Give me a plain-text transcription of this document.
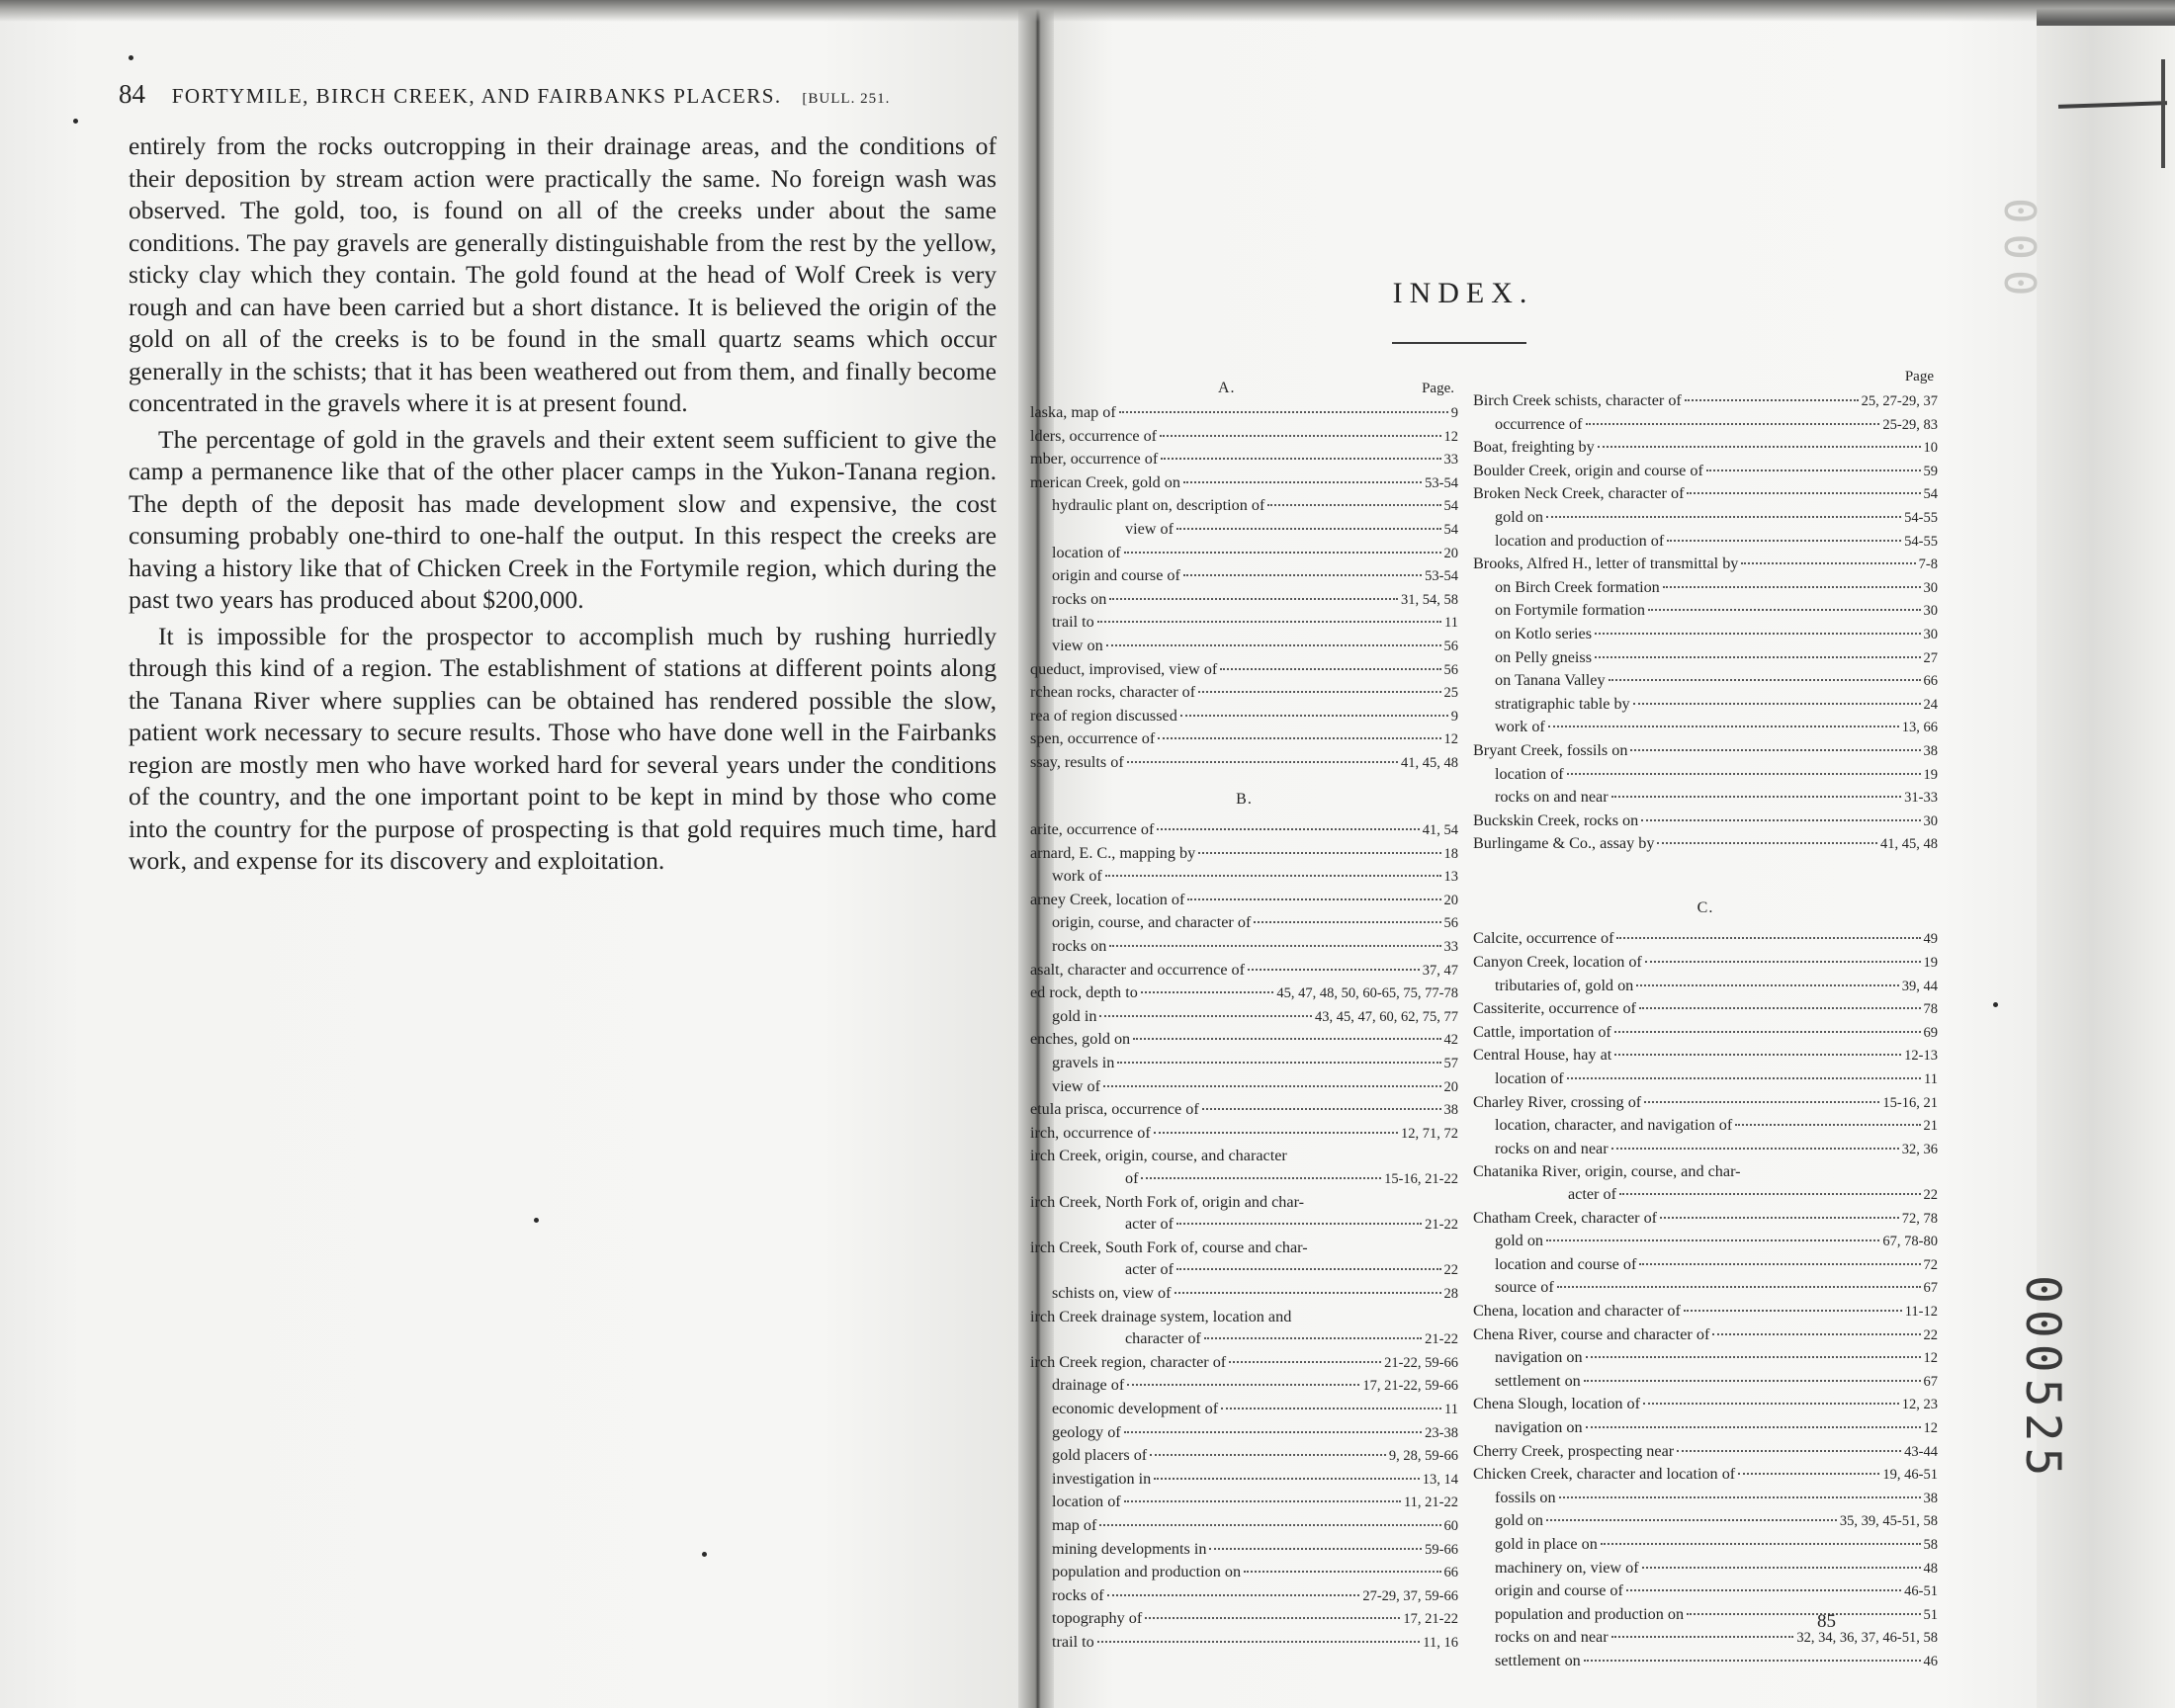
84 FORTYMILE, BIRCH CREEK, AND FAIRBANKS PLACERS. [BULL. 251.

entirely from the rocks outcropping in their drainage areas, and the conditions of their deposition by stream action were practically the same. No foreign wash was observed. The gold, too, is found on all of the creeks under about the same conditions. The pay gravels are generally distinguishable from the rest by the yellow, sticky clay which they contain. The gold found at the head of Wolf Creek is very rough and can have been carried but a short distance. It is believed the origin of the gold on all of the creeks is to be found in the small quartz seams which occur generally in the schists; that it has been weathered out from them, and finally become concentrated in the gravels where it is at present found.

The percentage of gold in the gravels and their extent seem sufficient to give the camp a permanence like that of the other placer camps in the Yukon-Tanana region. The depth of the deposit has made development slow and expensive, the cost consuming probably one-third to one-half the output. In this respect the creeks are having a history like that of Chicken Creek in the Fortymile region, which during the past two years has produced about $200,000.

It is impossible for the prospector to accomplish much by rushing hurriedly through this kind of a region. The establishment of stations at different points along the Tanana River where supplies can be obtained has rendered possible the slow, patient work necessary to secure results. Those who have done well in the Fairbanks region are mostly men who have worked hard for several years under the conditions of the country, and the one important point to be kept in mind by those who come into the country for the purpose of prospecting is that gold requires much time, hard work, and expense for its discovery and exploitation.

INDEX.
A.	Page.
laska, map of	9
lders, occurrence of	12
mber, occurrence of	33
merican Creek, gold on	53-54
hydraulic plant on, description of	54
view of	54
location of	20
origin and course of	53-54
rocks on	31, 54, 58
trail to	11
view on	56
queduct, improvised, view of	56
rchean rocks, character of	25
rea of region discussed	9
spen, occurrence of	12
ssay, results of	41, 45, 48
B.
arite, occurrence of	41, 54
arnard, E. C., mapping by	18
work of	13
arney Creek, location of	20
origin, course, and character of	56
rocks on	33
asalt, character and occurrence of	37, 47
ed rock, depth to	45, 47, 48, 50, 60-65, 75, 77-78
gold in	43, 45, 47, 60, 62, 75, 77
enches, gold on	42
gravels in	57
view of	20
etula prisca, occurrence of	38
irch, occurrence of	12, 71, 72
irch Creek, origin, course, and character
of	15-16, 21-22
irch Creek, North Fork of, origin and char-
acter of	21-22
irch Creek, South Fork of, course and char-
acter of	22
schists on, view of	28
irch Creek drainage system, location and
character of	21-22
irch Creek region, character of	21-22, 59-66
drainage of	17, 21-22, 59-66
economic development of	11
geology of	23-38
gold placers of	9, 28, 59-66
investigation in	13, 14
location of	11, 21-22
map of	60
mining developments in	59-66
population and production on	66
rocks of	27-29, 37, 59-66
topography of	17, 21-22
trail to	11, 16
Page
Birch Creek schists, character of	25, 27-29, 37
occurrence of	25-29, 83
Boat, freighting by	10
Boulder Creek, origin and course of	59
Broken Neck Creek, character of	54
gold on	54-55
location and production of	54-55
Brooks, Alfred H., letter of transmittal by	7-8
on Birch Creek formation	30
on Fortymile formation	30
on Kotlo series	30
on Pelly gneiss	27
on Tanana Valley	66
stratigraphic table by	24
work of	13, 66
Bryant Creek, fossils on	38
location of	19
rocks on and near	31-33
Buckskin Creek, rocks on	30
Burlingame & Co., assay by	41, 45, 48
C.
Calcite, occurrence of	49
Canyon Creek, location of	19
tributaries of, gold on	39, 44
Cassiterite, occurrence of	78
Cattle, importation of	69
Central House, hay at	12-13
location of	11
Charley River, crossing of	15-16, 21
location, character, and navigation of	21
rocks on and near	32, 36
Chatanika River, origin, course, and char-
acter of	22
Chatham Creek, character of	72, 78
gold on	67, 78-80
location and course of	72
source of	67
Chena, location and character of	11-12
Chena River, course and character of	22
navigation on	12
settlement on	67
Chena Slough, location of	12, 23
navigation on	12
Cherry Creek, prospecting near	43-44
Chicken Creek, character and location of	19, 46-51
fossils on	38
gold on	35, 39, 45-51, 58
gold in place on	58
machinery on, view of	48
origin and course of	46-51
population and production on	51
rocks on and near	32, 34, 36, 37, 46-51, 58
settlement on	46
85
000
000525
